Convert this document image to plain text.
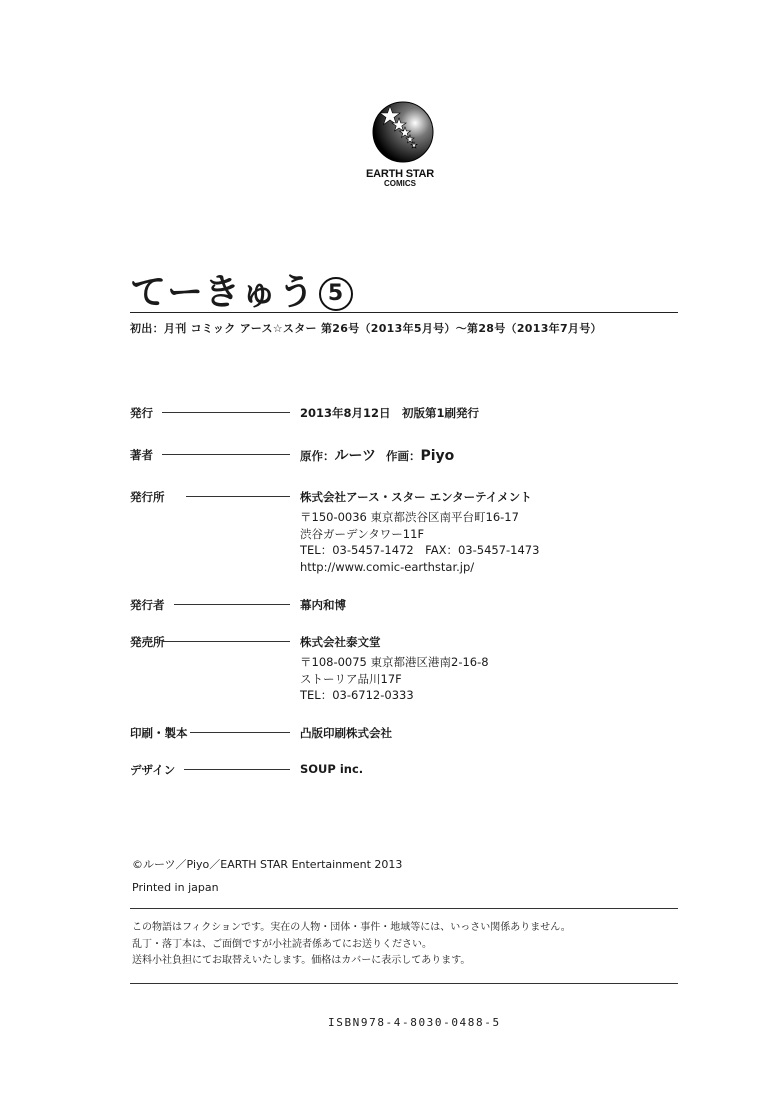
EARTH STAR
COMICS
てーきゅう 5
初出：月刊 コミック アース☆スター 第26号（2013年5月号）～第28号（2013年7月号）
発行	2013年8月12日　初版第1刷発行
著者	原作：ルーツ 作画：Piyo
発行所	株式会社アース・スター エンターテイメント
〒150-0036 東京都渋谷区南平台町16-17
渋谷ガーデンタワー11F
TEL：03-5457-1472　FAX：03-5457-1473
http://www.comic-earthstar.jp/
発行者	幕内和博
発売所	株式会社泰文堂
〒108-0075 東京都港区港南2-16-8
ストーリア品川17F
TEL：03-6712-0333
印刷・製本	凸版印刷株式会社
デザイン	SOUP inc.
©ルーツ／Piyo／EARTH STAR Entertainment 2013
Printed in japan
この物語はフィクションです。実在の人物・団体・事件・地域等には、いっさい関係ありません。
乱丁・落丁本は、ご面倒ですが小社読者係あてにお送りください。
送料小社負担にてお取替えいたします。価格はカバーに表示してあります。
ISBN978-4-8030-0488-5
